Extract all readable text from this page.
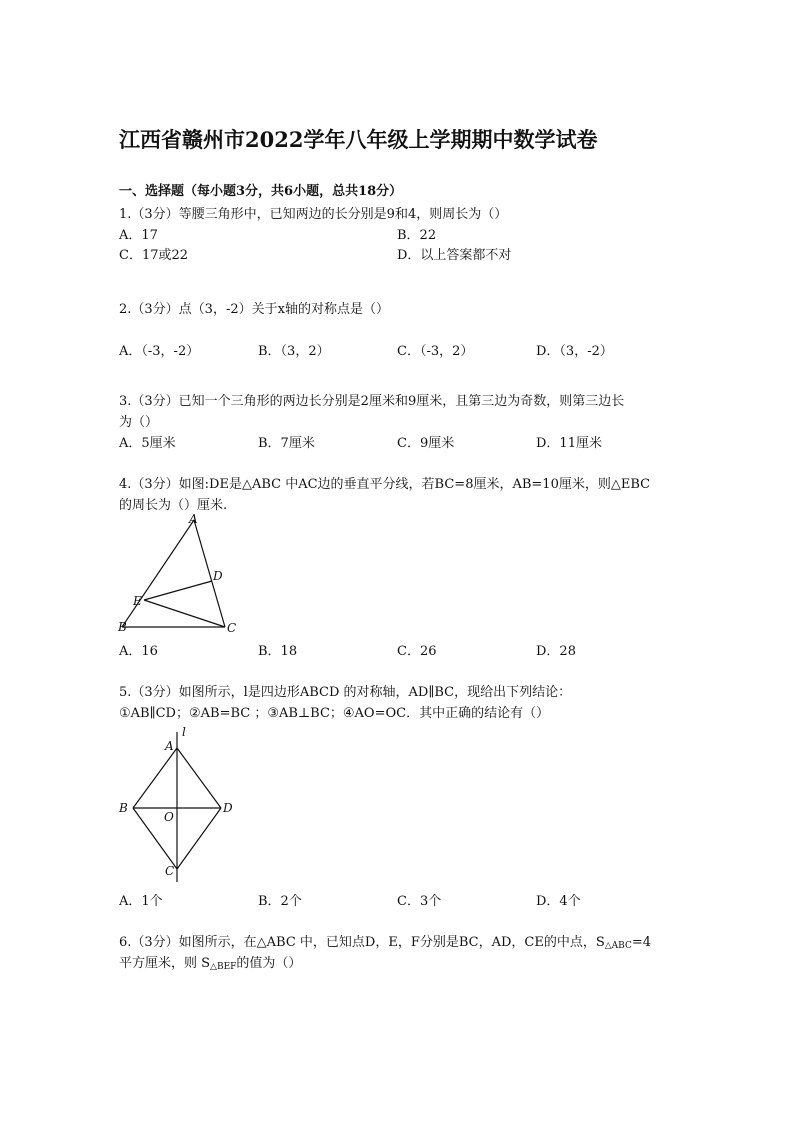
江西省赣州市2022学年八年级上学期期中数学试卷
一、选择题（每小题3分，共6小题，总共18分）
1.（3分）等腰三角形中，已知两边的长分别是9和4，则周长为（）
A．17	B．22
C．17或22	D．以上答案都不对
2.（3分）点（3，-2）关于x轴的对称点是（）
A．（-3，-2）	B．（3，2）	C．（-3，2）	D．（3，-2）
3.（3分）已知一个三角形的两边长分别是2厘米和9厘米，且第三边为奇数，则第三边长
为（）
A．5厘米	B．7厘米	C．9厘米	D．11厘米
4.（3分）如图:DE是△ABC 中AC边的垂直平分线，若BC=8厘米，AB=10厘米，则△EBC
的周长为（）厘米.
A
D
E
B	C
A．16	B．18	C．26	D．28
5.（3分）如图所示，l是四边形ABCD 的对称轴，AD∥BC，现给出下列结论：
①AB∥CD；②AB=BC ；③AB⊥BC；④AO=OC．其中正确的结论有（）
l
A
B
O
D
C
A．1个	B．2个	C．3个	D．4个
6.（3分）如图所示，在△ABC 中，已知点D，E，F分别是BC，AD，CE的中点，$S_{\triangle ABC}=4$
平方厘米，则 $S_{\triangle BEF}$的值为（）
